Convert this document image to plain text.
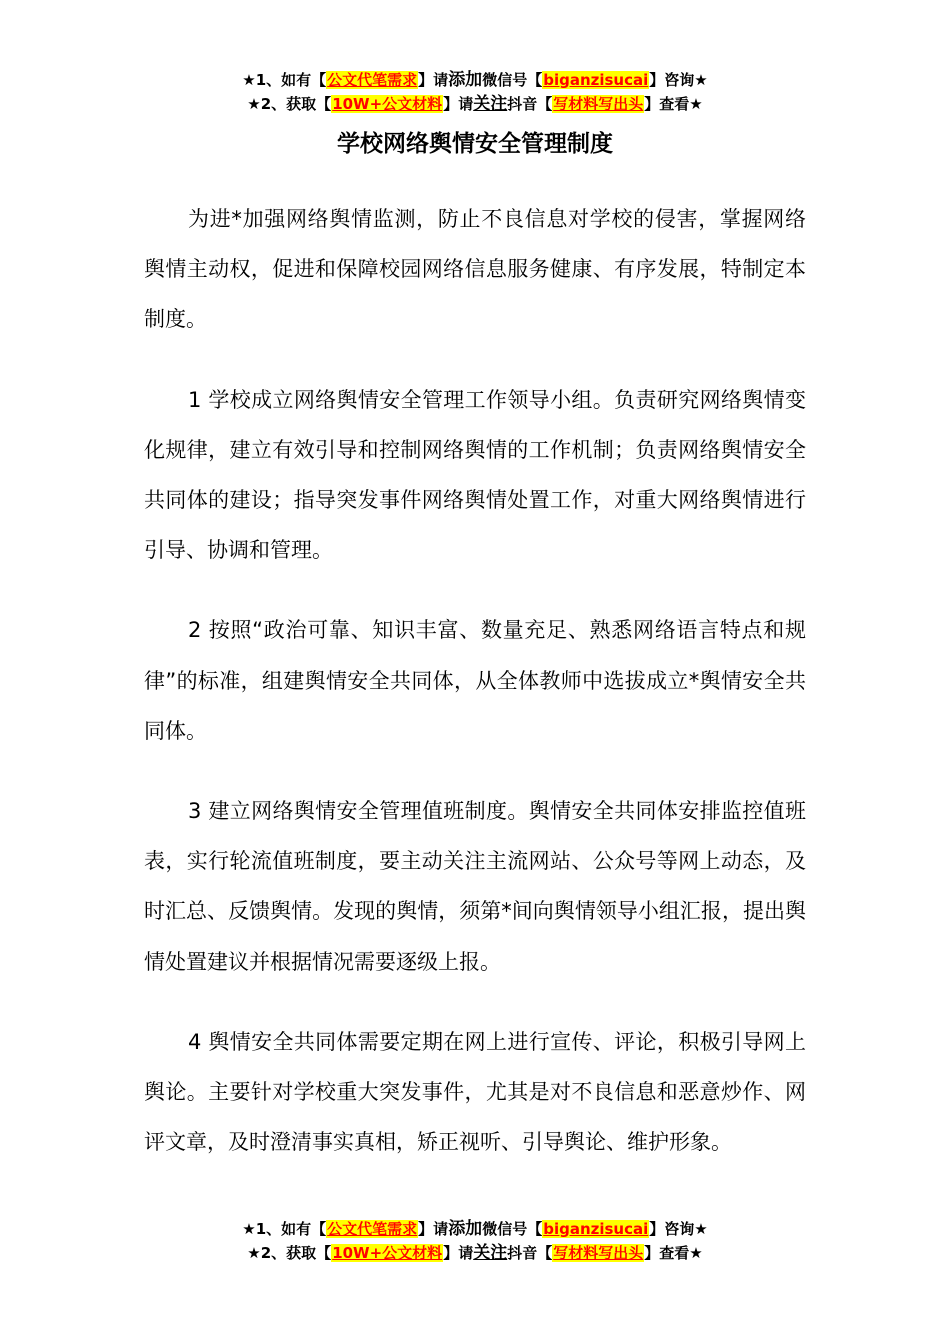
★1、如有【公文代笔需求】请添加微信号【biganzisucai】咨询★
★2、获取【10W+公文材料】请关注抖音【写材料写出头】查看★
学校网络舆情安全管理制度

为进*加强网络舆情监测，防止不良信息对学校的侵害，掌握网络舆情主动权，促进和保障校园网络信息服务健康、有序发展，特制定本制度。

1 学校成立网络舆情安全管理工作领导小组。负责研究网络舆情变化规律，建立有效引导和控制网络舆情的工作机制；负责网络舆情安全共同体的建设；指导突发事件网络舆情处置工作，对重大网络舆情进行引导、协调和管理。

2 按照“政治可靠、知识丰富、数量充足、熟悉网络语言特点和规律”的标准，组建舆情安全共同体，从全体教师中选拔成立*舆情安全共同体。

3 建立网络舆情安全管理值班制度。舆情安全共同体安排监控值班表，实行轮流值班制度，要主动关注主流网站、公众号等网上动态，及时汇总、反馈舆情。发现的舆情，须第*间向舆情领导小组汇报，提出舆情处置建议并根据情况需要逐级上报。

4 舆情安全共同体需要定期在网上进行宣传、评论，积极引导网上舆论。主要针对学校重大突发事件，尤其是对不良信息和恶意炒作、网评文章，及时澄清事实真相，矫正视听、引导舆论、维护形象。

★1、如有【公文代笔需求】请添加微信号【biganzisucai】咨询★
★2、获取【10W+公文材料】请关注抖音【写材料写出头】查看★
